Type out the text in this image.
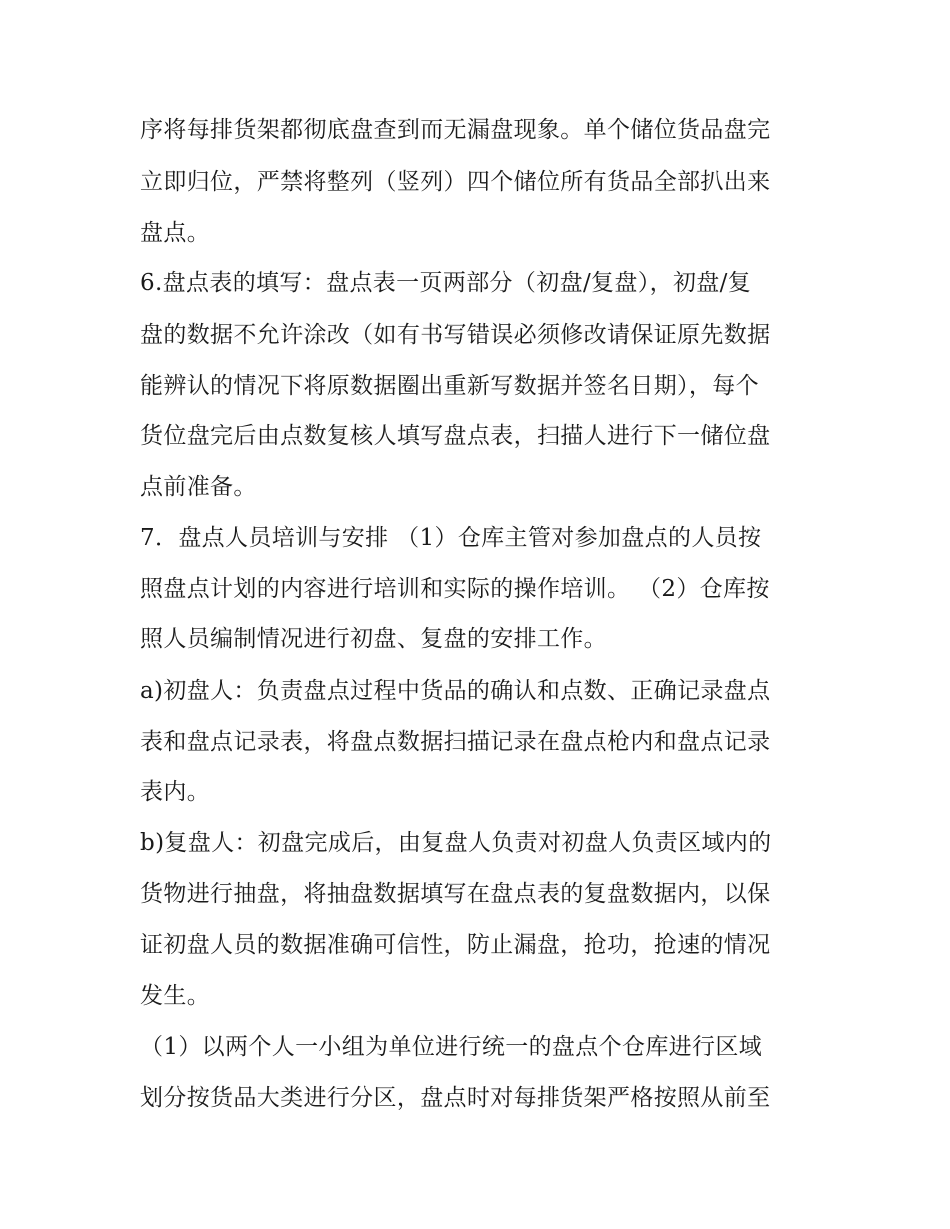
序将每排货架都彻底盘查到而无漏盘现象。单个储位货品盘完
立即归位，严禁将整列（竖列）四个储位所有货品全部扒出来
盘点。
6.盘点表的填写：盘点表一页两部分（初盘/复盘），初盘/复
盘的数据不允许涂改（如有书写错误必须修改请保证原先数据
能辨认的情况下将原数据圈出重新写数据并签名日期），每个
货位盘完后由点数复核人填写盘点表，扫描人进行下一储位盘
点前准备。
7．盘点人员培训与安排 （1）仓库主管对参加盘点的人员按
照盘点计划的内容进行培训和实际的操作培训。 （2）仓库按
照人员编制情况进行初盘、复盘的安排工作。
a)初盘人：负责盘点过程中货品的确认和点数、正确记录盘点
表和盘点记录表，将盘点数据扫描记录在盘点枪内和盘点记录
表内。
b)复盘人：初盘完成后，由复盘人负责对初盘人负责区域内的
货物进行抽盘，将抽盘数据填写在盘点表的复盘数据内，以保
证初盘人员的数据准确可信性，防止漏盘，抢功，抢速的情况
发生。
（1）以两个人一小组为单位进行统一的盘点个仓库进行区域
划分按货品大类进行分区，盘点时对每排货架严格按照从前至
